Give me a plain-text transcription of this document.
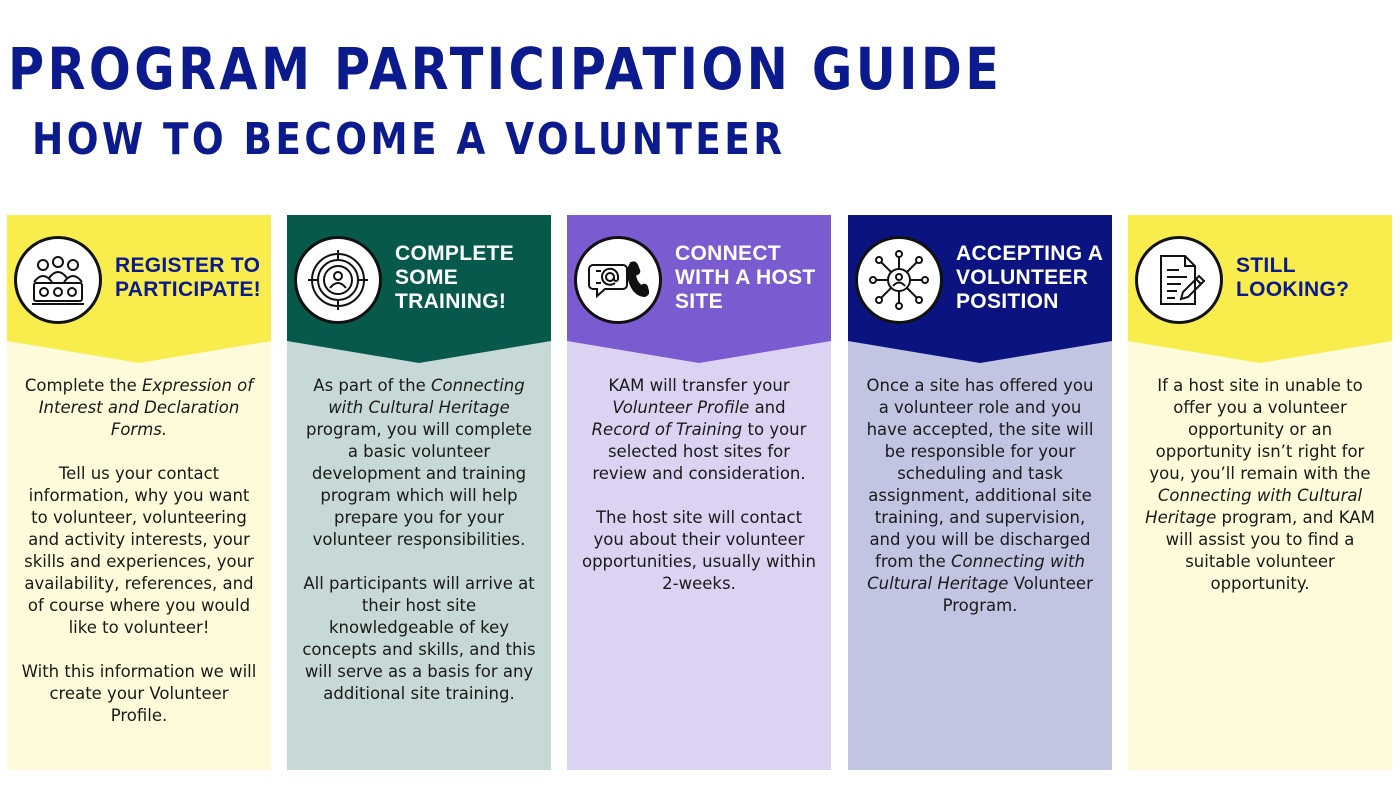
PROGRAM PARTICIPATION GUIDE
HOW TO BECOME A VOLUNTEER
REGISTER TO PARTICIPATE!

Complete the Expression of Interest and Declaration Forms.

Tell us your contact information, why you want to volunteer, volunteering and activity interests, your skills and experiences, your availability, references, and of course where you would like to volunteer!

With this information we will create your Volunteer Profile.

COMPLETE SOME TRAINING!

As part of the Connecting with Cultural Heritage program, you will complete a basic volunteer development and training program which will help prepare you for your volunteer responsibilities.

All participants will arrive at their host site knowledgeable of key concepts and skills, and this will serve as a basis for any additional site training.

CONNECT WITH A HOST SITE

KAM will transfer your Volunteer Profile and Record of Training to your selected host sites for review and consideration.

The host site will contact you about their volunteer opportunities, usually within 2-weeks.

ACCEPTING A VOLUNTEER POSITION

Once a site has offered you a volunteer role and you have accepted, the site will be responsible for your scheduling and task assignment, additional site training, and supervision, and you will be discharged from the Connecting with Cultural Heritage Volunteer Program.

STILL LOOKING?

If a host site in unable to offer you a volunteer opportunity or an opportunity isn’t right for you, you’ll remain with the Connecting with Cultural Heritage program, and KAM will assist you to find a suitable volunteer opportunity.
